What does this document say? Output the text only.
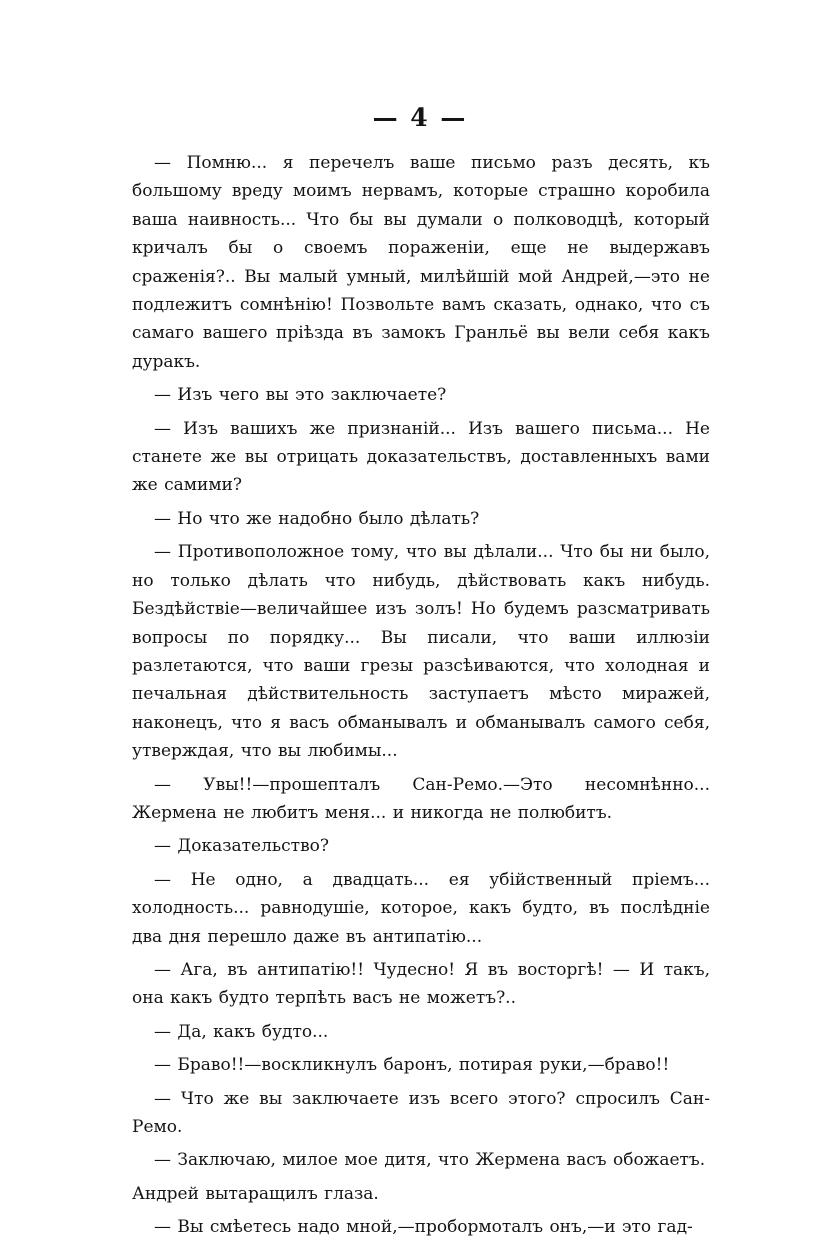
— 4 —

— Помню... я перечелъ ваше письмо разъ десять, къ большому вреду моимъ нервамъ, которые страшно коробила ваша наивность... Что бы вы думали о полководцѣ, который кричалъ бы о своемъ пораженіи, еще не выдержавъ сраженія?.. Вы малый умный, милѣйшій мой Андрей,—это не подлежитъ сомнѣнію! Позвольте вамъ сказать, однако, что съ самаго вашего пріѣзда въ замокъ Гранльё вы вели себя какъ дуракъ.

— Изъ чего вы это заключаете?

— Изъ вашихъ же признаній... Изъ вашего письма... Не станете же вы отрицать доказательствъ, доставленныхъ вами же самими?

— Но что же надобно было дѣлать?

— Противоположное тому, что вы дѣлали... Что бы ни было, но только дѣлать что нибудь, дѣйствовать какъ нибудь. Бездѣйствіе—величайшее изъ золъ! Но будемъ разсматривать вопросы по порядку... Вы писали, что ваши иллюзіи разлетаются, что ваши грезы разсѣиваются, что холодная и печальная дѣйствительность заступаетъ мѣсто миражей, наконецъ, что я васъ обманывалъ и обманывалъ самого себя, утверждая, что вы любимы...

— Увы!!—прошепталъ Сан-Ремо.—Это несомнѣнно... Жермена не любитъ меня... и никогда не полюбитъ.

— Доказательство?

— Не одно, а двадцать... ея убійственный пріемъ... холодность... равнодушіе, которое, какъ будто, въ послѣдніе два дня перешло даже въ антипатію...

— Ага, въ антипатію!! Чудесно! Я въ восторгѣ! — И такъ, она какъ будто терпѣть васъ не можетъ?..

— Да, какъ будто...

— Браво!!—воскликнулъ баронъ, потирая руки,—браво!!

— Что же вы заключаете изъ всего этого? спросилъ Сан-Ремо.

— Заключаю, милое мое дитя, что Жермена васъ обожаетъ.

Андрей вытаращилъ глаза.

— Вы смѣетесь надо мной,—пробормоталъ онъ,—и это гад-
